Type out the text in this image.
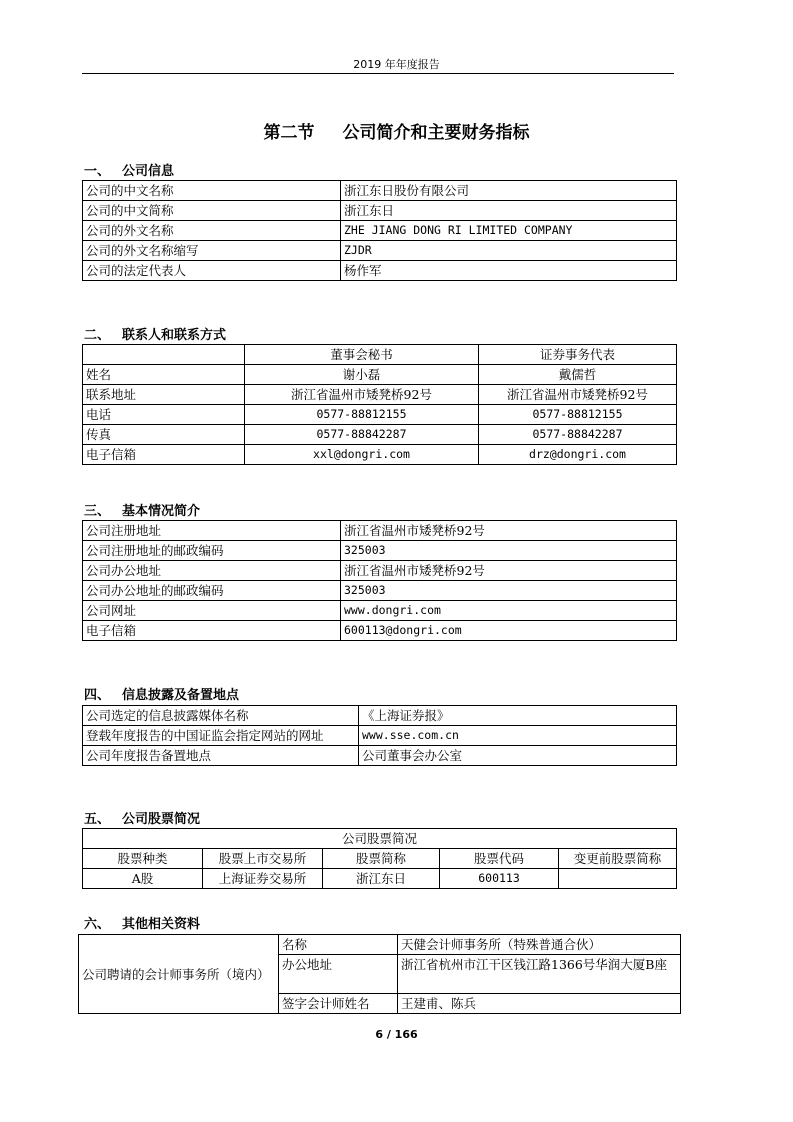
2019 年年度报告
第二节 公司简介和主要财务指标
一、 公司信息
公司的中文名称	浙江东日股份有限公司
公司的中文简称	浙江东日
公司的外文名称	ZHE JIANG DONG RI LIMITED COMPANY
公司的外文名称缩写	ZJDR
公司的法定代表人	杨作军
二、 联系人和联系方式
	董事会秘书	证券事务代表
姓名	谢小磊	戴儒哲
联系地址	浙江省温州市矮凳桥92号	浙江省温州市矮凳桥92号
电话	0577-88812155	0577-88812155
传真	0577-88842287	0577-88842287
电子信箱	xxl@dongri.com	drz@dongri.com
三、 基本情况简介
公司注册地址	浙江省温州市矮凳桥92号
公司注册地址的邮政编码	325003
公司办公地址	浙江省温州市矮凳桥92号
公司办公地址的邮政编码	325003
公司网址	www.dongri.com
电子信箱	600113@dongri.com
四、 信息披露及备置地点
公司选定的信息披露媒体名称	《上海证券报》
登载年度报告的中国证监会指定网站的网址	www.sse.com.cn
公司年度报告备置地点	公司董事会办公室
五、 公司股票简况
公司股票简况				
股票种类	股票上市交易所	股票简称	股票代码	变更前股票简称
A股	上海证券交易所	浙江东日	600113	
六、 其他相关资料
公司聘请的会计师事务所（境内）	名称	天健会计师事务所（特殊普通合伙）
	办公地址	浙江省杭州市江干区钱江路1366号华润大厦B座
	签字会计师姓名	王建甫、陈兵
6 / 166
